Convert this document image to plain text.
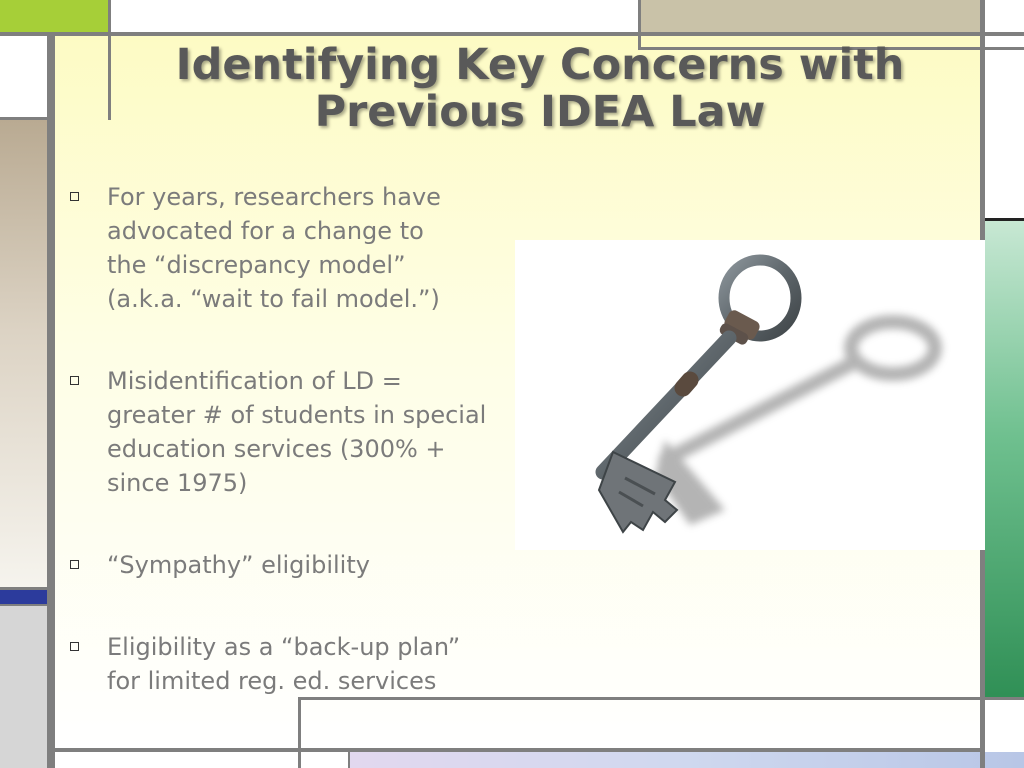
Identifying Key Concerns with
Previous IDEA Law
For years, researchers have
advocated for a change to
the “discrepancy model”
(a.k.a. “wait to fail model.”)
Misidentification of LD =
greater # of students in special
education services (300% +
since 1975)
“Sympathy” eligibility
Eligibility as a “back-up plan”
for limited reg. ed. services
